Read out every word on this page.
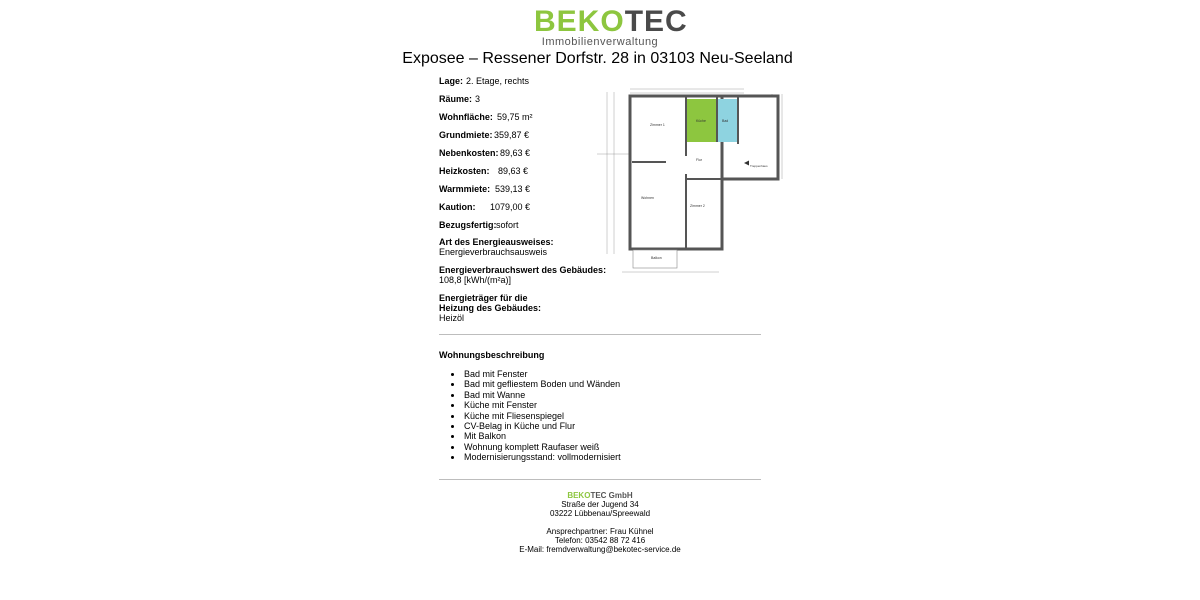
BEKOTEC
Immobilienverwaltung
Exposee – Ressener Dorfstr. 28 in 03103 Neu-Seeland
Lage: 2. Etage, rechts
Räume: 3
Wohnfläche: 59,75 m²
Grundmiete: 359,87 €
Nebenkosten: 89,63 €
Heizkosten: 89,63 €
Warmmiete: 539,13 €
Kaution: 1079,00 €
Bezugsfertig: sofort
Art des Energieausweises:
Energieverbrauchsausweis
Energieverbrauchswert des Gebäudes:
108,8 [kWh/(m²a)]
Energieträger für die Heizung des Gebäudes:
Heizöl
Zimmer 1
Küche	Bad
Flur
Wohnen
Zimmer 2
Balkon
Treppenhaus
Wohnungsbeschreibung
Bad mit Fenster
Bad mit gefliestem Boden und Wänden
Bad mit Wanne
Küche mit Fenster
Küche mit Fliesenspiegel
CV-Belag in Küche und Flur
Mit Balkon
Wohnung komplett Raufaser weiß
Modernisierungsstand: vollmodernisiert
BEKOTEC GmbH
Straße der Jugend 34
03222 Lübbenau/Spreewald
Ansprechpartner: Frau Kühnel
Telefon: 03542 88 72 416
E-Mail: fremdverwaltung@bekotec-service.de
